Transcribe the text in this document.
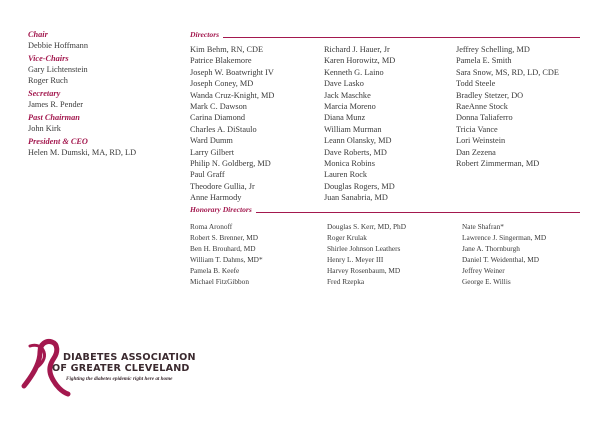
Chair
Debbie Hoffmann
Vice-Chairs
Gary Lichtenstein
Roger Ruch
Secretary
James R. Pender
Past Chairman
John Kirk
President & CEO
Helen M. Dumski, MA, RD, LD
Directors
Kim Behm, RN, CDE
Patrice Blakemore
Joseph W. Boatwright IV
Joseph Coney, MD
Wanda Cruz-Knight, MD
Mark C. Dawson
Carina Diamond
Charles A. DiStaulo
Ward Dumm
Larry Gilbert
Philip N. Goldberg, MD
Paul Graff
Theodore Gullia, Jr
Anne Harmody
Richard J. Hauer, Jr
Karen Horowitz, MD
Kenneth G. Laino
Dave Lasko
Jack Maschke
Marcia Moreno
Diana Munz
William Murman
Leann Olansky, MD
Dave Roberts, MD
Monica Robins
Lauren Rock
Douglas Rogers, MD
Juan Sanabria, MD
Jeffrey Schelling, MD
Pamela E. Smith
Sara Snow, MS, RD, LD, CDE
Todd Steele
Bradley Stetzer, DO
RaeAnne Stock
Donna Taliaferro
Tricia Vance
Lori Weinstein
Dan Zezena
Robert Zimmerman, MD
Honorary Directors
Roma Aronoff
Robert S. Brenner, MD
Ben H. Brouhard, MD
William T. Dahms, MD*
Pamela B. Keefe
Michael FitzGibbon
Douglas S. Kerr, MD, PhD
Roger Krulak
Shirlee Johnson Leathers
Henry L. Meyer III
Harvey Rosenbaum, MD
Fred Rzepka
Nate Shafran*
Lawrence J. Singerman, MD
Jane A. Thornburgh
Daniel T. Weidenthal, MD
Jeffrey Weiner
George E. Willis
DIABETES ASSOCIATION
OF GREATER CLEVELAND
Fighting the diabetes epidemic right here at home
